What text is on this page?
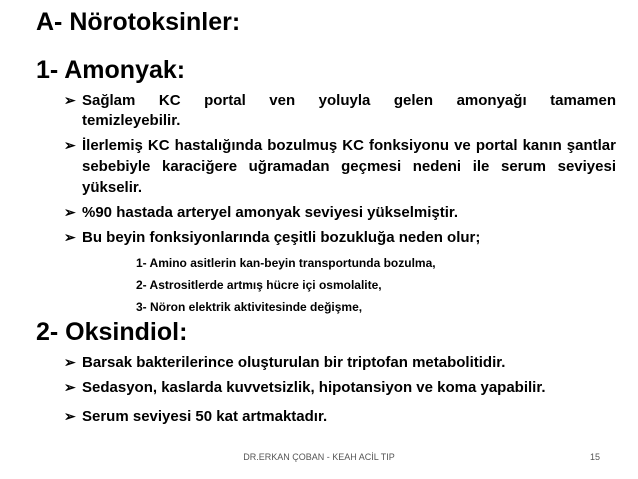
A- Nörotoksinler:
1- Amonyak:
➢ Sağlam KC portal ven yoluyla gelen amonyağı tamamen
temizleyebilir.
➢ İlerlemiş KC hastalığında bozulmuş KC fonksiyonu ve portal kanın şantlar sebebiyle karaciğere uğramadan geçmesi nedeni ile serum seviyesi yükselir.
➢ %90 hastada arteryel amonyak seviyesi yükselmiştir.
➢ Bu beyin fonksiyonlarında çeşitli bozukluğa neden olur;
1- Amino asitlerin kan-beyin transportunda bozulma,
2- Astrositlerde artmış hücre içi osmolalite,
3- Nöron elektrik aktivitesinde değişme,
2- Oksindiol:
➢ Barsak bakterilerince oluşturulan bir triptofan metabolitidir.
➢ Sedasyon, kaslarda kuvvetsizlik, hipotansiyon ve koma yapabilir.
➢ Serum seviyesi 50 kat artmaktadır.
DR.ERKAN ÇOBAN - KEAH ACİL TIP	15
